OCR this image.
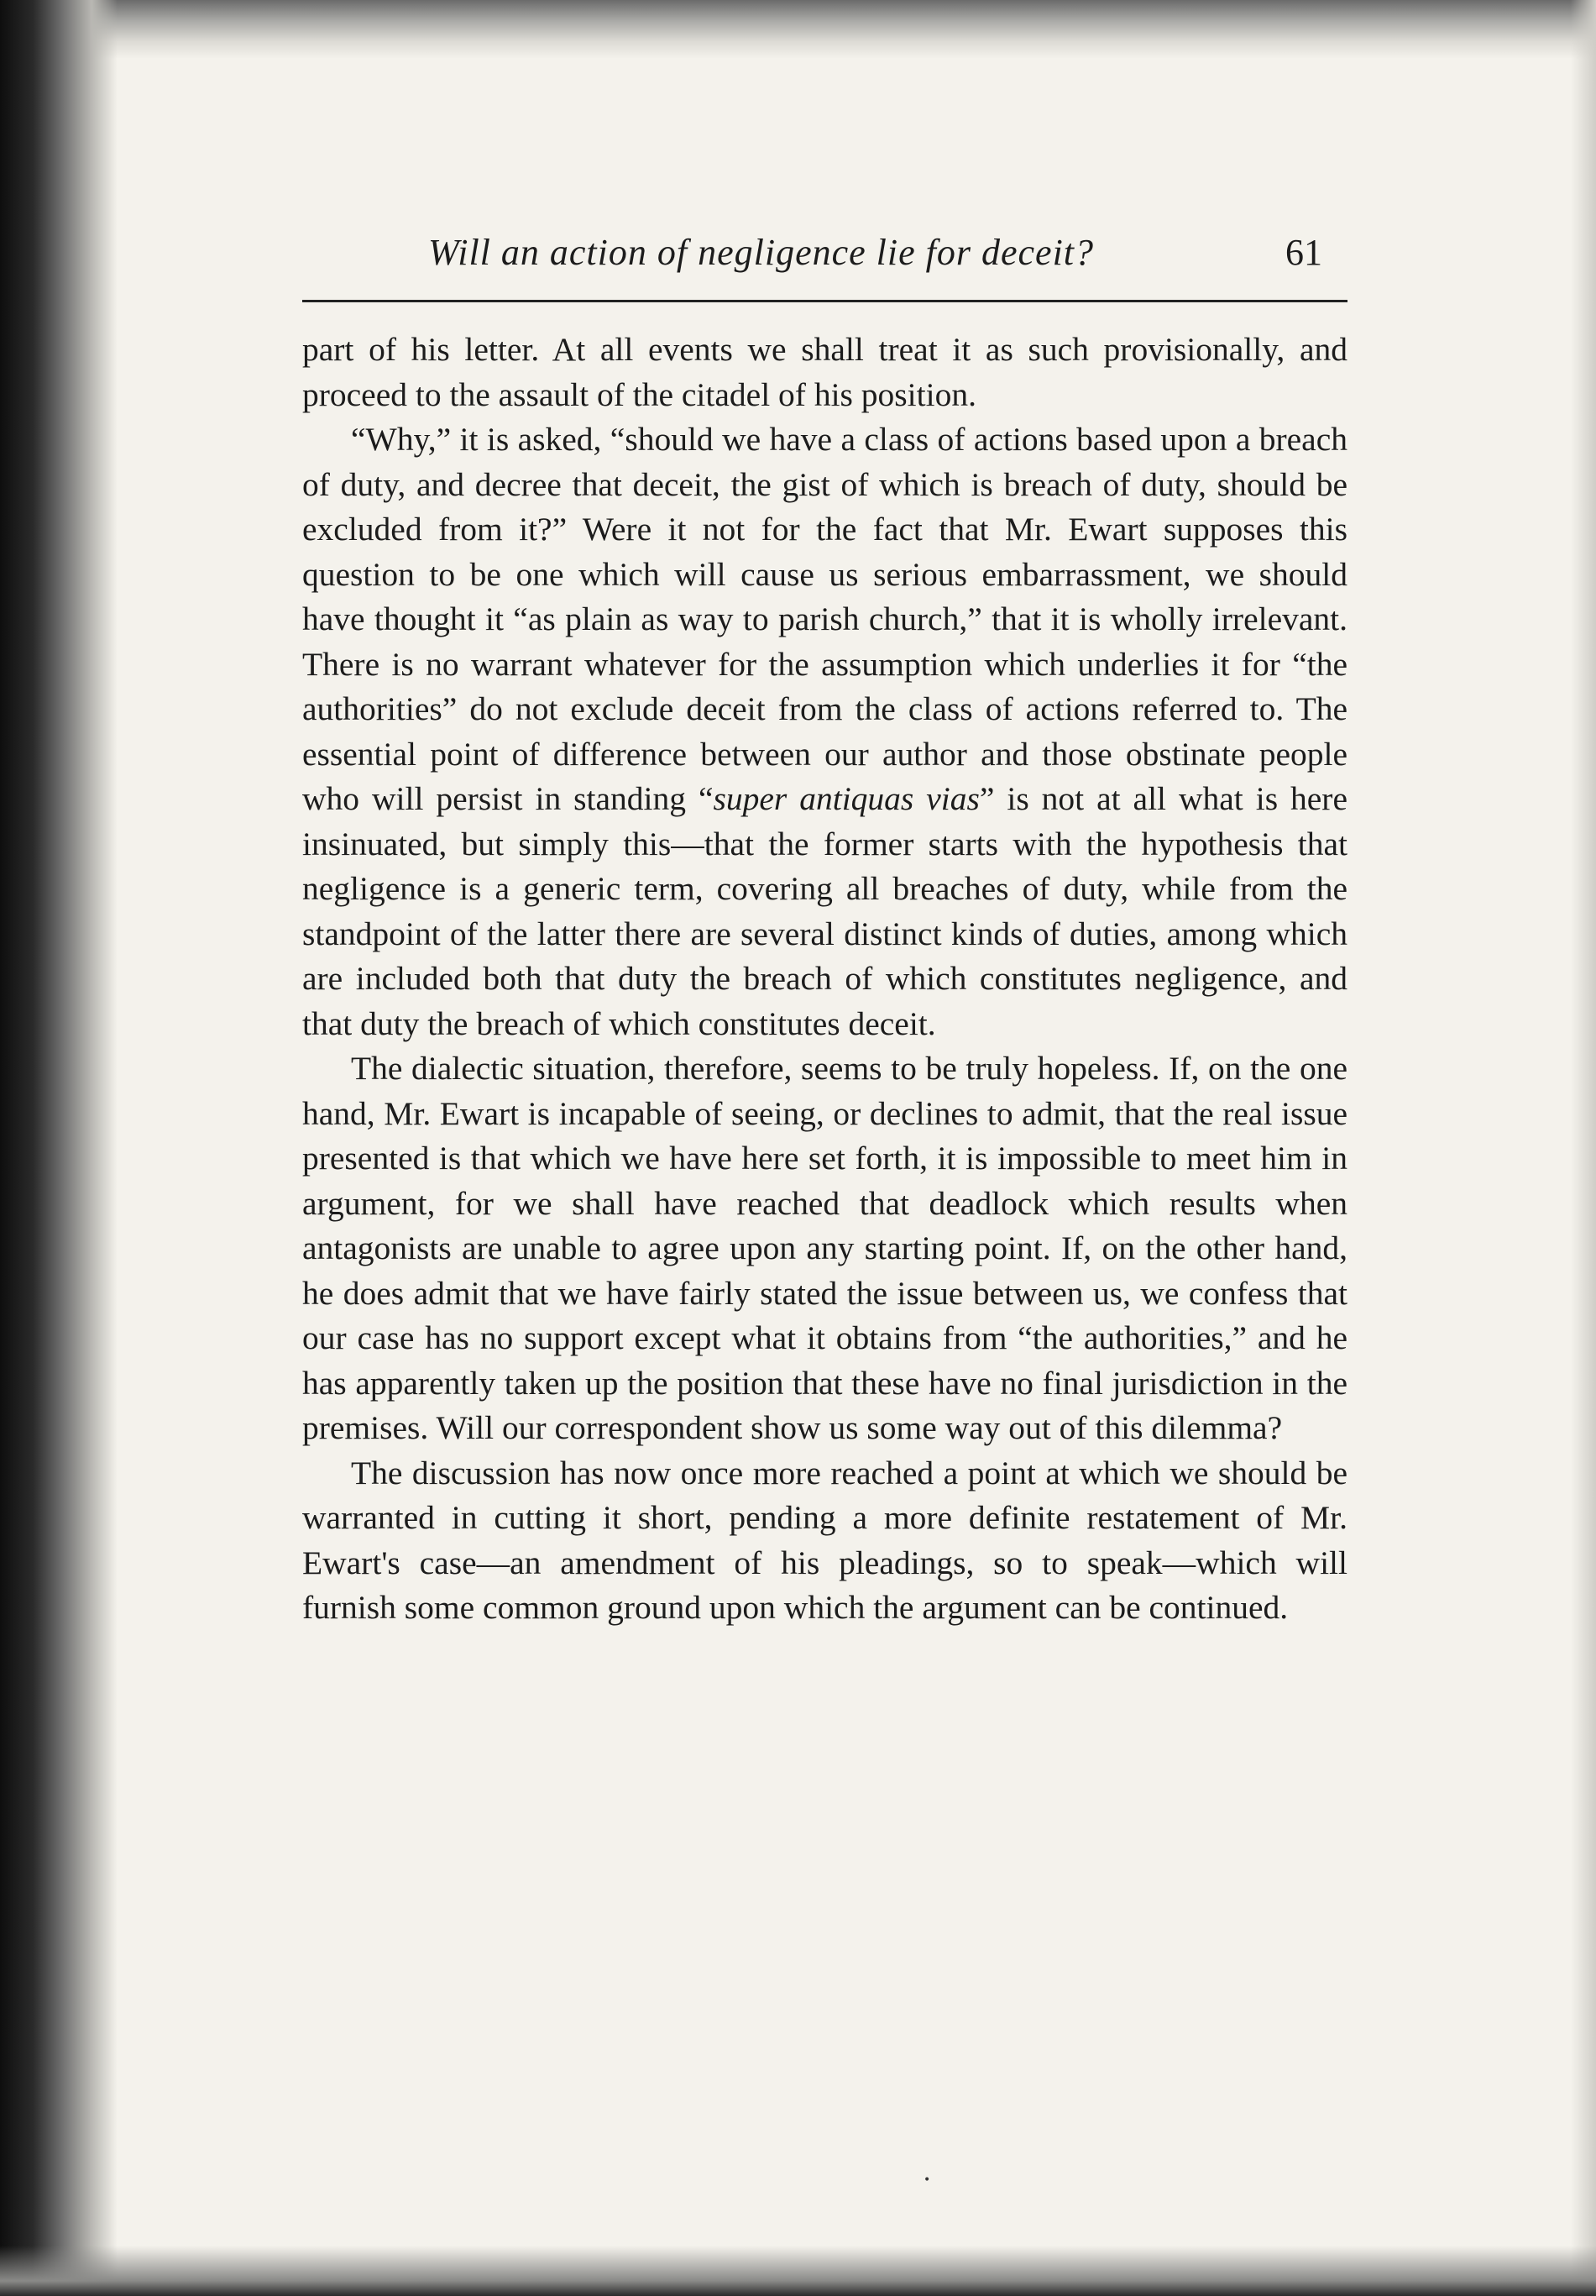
Will an action of negligence lie for deceit?	61

part of his letter. At all events we shall treat it as such provisionally, and proceed to the assault of the citadel of his position.

“Why,” it is asked, “should we have a class of actions based upon a breach of duty, and decree that deceit, the gist of which is breach of duty, should be excluded from it?” Were it not for the fact that Mr. Ewart supposes this question to be one which will cause us serious embarrassment, we should have thought it “as plain as way to parish church,” that it is wholly irrelevant. There is no warrant whatever for the assumption which underlies it for “the authorities” do not exclude deceit from the class of actions referred to. The essential point of difference between our author and those obstinate people who will persist in standing “super antiquas vias” is not at all what is here insinuated, but simply this—that the former starts with the hypothesis that negligence is a generic term, covering all breaches of duty, while from the standpoint of the latter there are several distinct kinds of duties, among which are included both that duty the breach of which constitutes negligence, and that duty the breach of which constitutes deceit.

The dialectic situation, therefore, seems to be truly hopeless. If, on the one hand, Mr. Ewart is incapable of seeing, or declines to admit, that the real issue presented is that which we have here set forth, it is impossible to meet him in argument, for we shall have reached that deadlock which results when antagonists are unable to agree upon any starting point. If, on the other hand, he does admit that we have fairly stated the issue between us, we confess that our case has no support except what it obtains from “the authorities,” and he has apparently taken up the position that these have no final jurisdiction in the premises. Will our correspondent show us some way out of this dilemma?

The discussion has now once more reached a point at which we should be warranted in cutting it short, pending a more definite restatement of Mr. Ewart's case—an amendment of his pleadings, so to speak—which will furnish some common ground upon which the argument can be continued.

•
